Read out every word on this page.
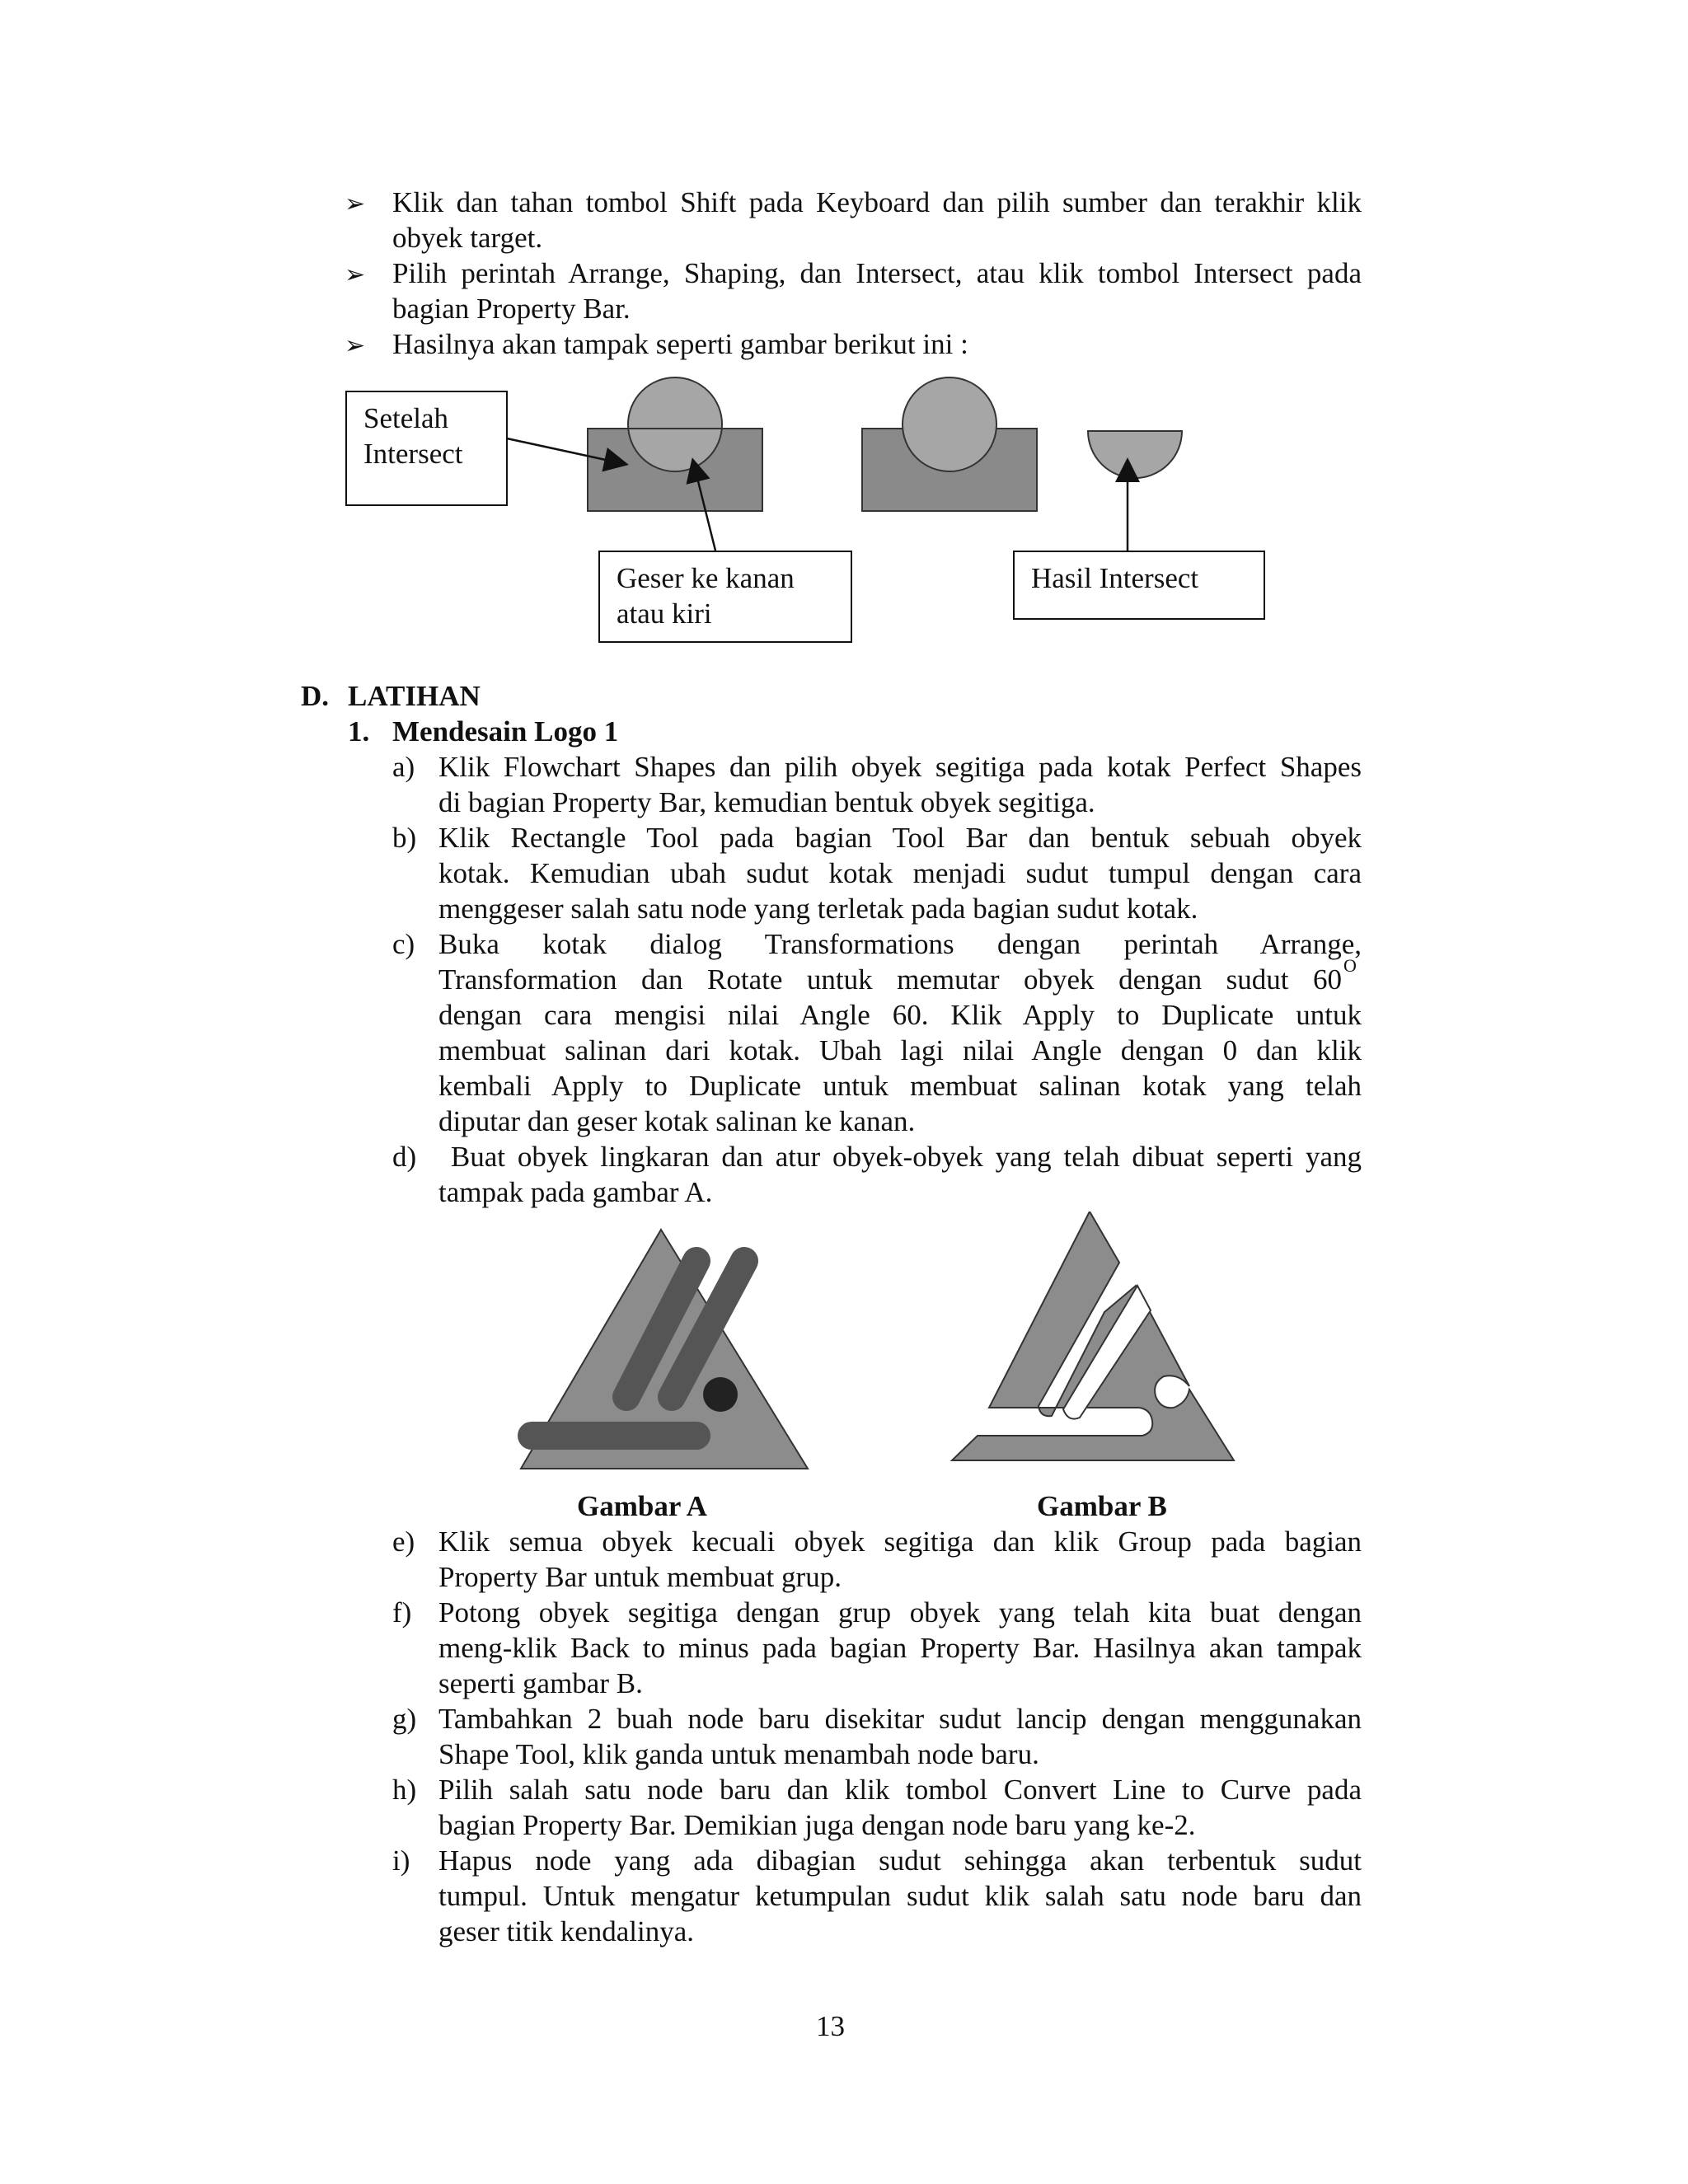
➢ Klik dan tahan tombol Shift pada Keyboard dan pilih sumber dan terakhir klik
obyek target.
➢ Pilih perintah Arrange, Shaping, dan Intersect, atau klik tombol Intersect pada
bagian Property Bar.
➢ Hasilnya akan tampak seperti gambar berikut ini :
Setelah
Intersect
Geser ke kanan
atau kiri
Hasil Intersect
D. LATIHAN
1. Mendesain Logo 1
a) Klik Flowchart Shapes dan pilih obyek segitiga pada kotak Perfect Shapes
di bagian Property Bar, kemudian bentuk obyek segitiga.
b) Klik Rectangle Tool pada bagian Tool Bar dan bentuk sebuah obyek
kotak. Kemudian ubah sudut kotak menjadi sudut tumpul dengan cara
menggeser salah satu node yang terletak pada bagian sudut kotak.
c) Buka kotak dialog Transformations dengan perintah Arrange,
Transformation dan Rotate untuk memutar obyek dengan sudut 60 O
dengan cara mengisi nilai Angle 60. Klik Apply to Duplicate untuk
membuat salinan dari kotak. Ubah lagi nilai Angle dengan 0 dan klik
kembali Apply to Duplicate untuk membuat salinan kotak yang telah
diputar dan geser kotak salinan ke kanan.
d) Buat obyek lingkaran dan atur obyek-obyek yang telah dibuat seperti yang
tampak pada gambar A.
Gambar A	Gambar B
e) Klik semua obyek kecuali obyek segitiga dan klik Group pada bagian
Property Bar untuk membuat grup.
f) Potong obyek segitiga dengan grup obyek yang telah kita buat dengan
meng-klik Back to minus pada bagian Property Bar. Hasilnya akan tampak
seperti gambar B.
g) Tambahkan 2 buah node baru disekitar sudut lancip dengan menggunakan
Shape Tool, klik ganda untuk menambah node baru.
h) Pilih salah satu node baru dan klik tombol Convert Line to Curve pada
bagian Property Bar. Demikian juga dengan node baru yang ke-2.
i) Hapus node yang ada dibagian sudut sehingga akan terbentuk sudut
tumpul. Untuk mengatur ketumpulan sudut klik salah satu node baru dan
geser titik kendalinya.
13
